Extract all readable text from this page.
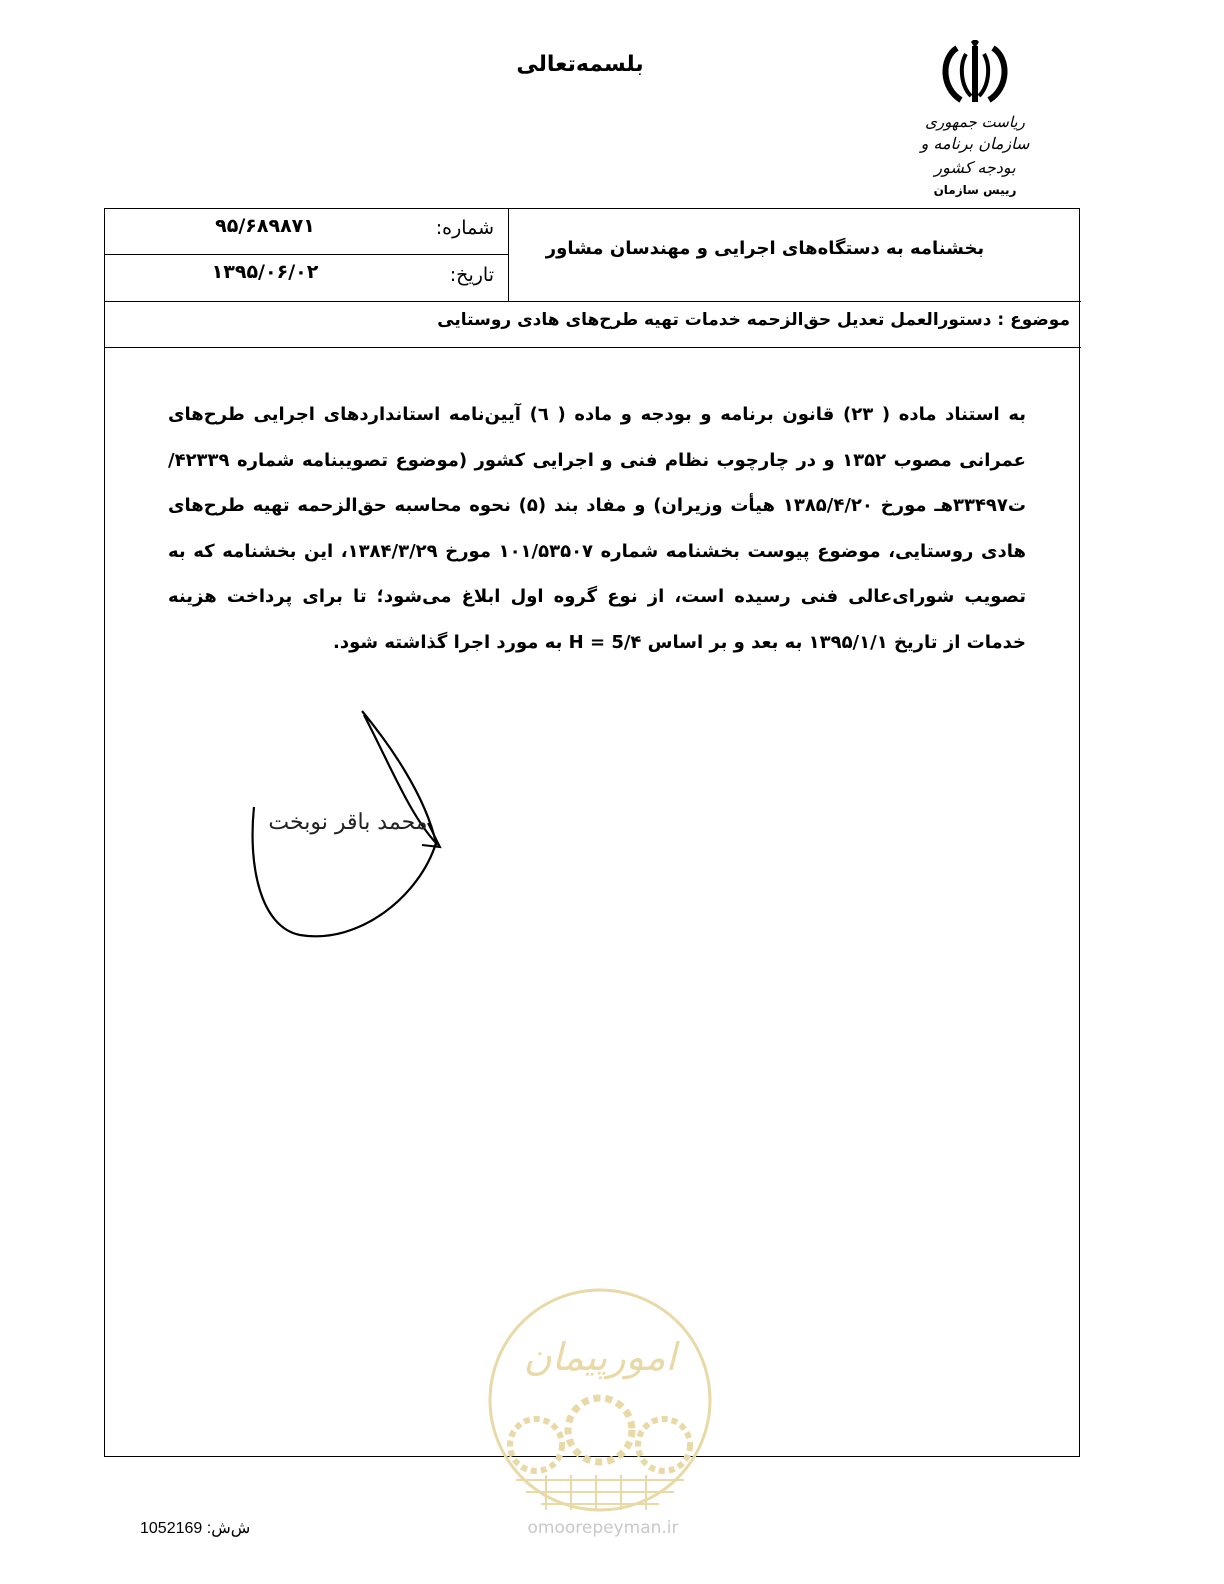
بلسمه‌تعالی
ریاست جمهوری
سازمان برنامه و بودجه کشور
رییس سازمان
شماره:
۹۵/۶۸۹۸۷۱
تاریخ:
۱۳۹۵/۰۶/۰۲
بخشنامه به دستگاه‌های اجرایی و مهندسان مشاور
موضوع : دستورالعمل تعدیل حق‌الزحمه خدمات تهیه طرح‌های هادی روستایی
به استناد ماده ( ۲۳) قانون برنامه و بودجه و ماده ( ٦) آیین‌نامه استانداردهای اجرایی طرح‌های عمرانی مصوب ۱۳۵۲ و در چارچوب نظام فنی و اجرایی کشور (موضوع تصویبنامه شماره ۴۲۳۳۹/ت۳۳۴۹۷هـ مورخ ۱۳۸۵/۴/۲۰ هیأت وزیران) و مفاد بند (۵) نحوه محاسبه حق‌الزحمه تهیه طرح‌های هادی روستایی، موضوع پیوست بخشنامه شماره ۱۰۱/۵۳۵۰۷ مورخ ۱۳۸۴/۳/۲۹، این بخشنامه که به تصویب شورای‌عالی فنی رسیده است، از نوع گروه اول ابلاغ می‌شود؛ تا برای پرداخت هزینه خدمات از تاریخ ۱۳۹۵/۱/۱ به بعد و بر اساس H = 5/۴ به مورد اجرا گذاشته شود.
محمد باقر نوبخت
امورپیمان
omoorepeyman.ir
ش‌ش: 1052169
